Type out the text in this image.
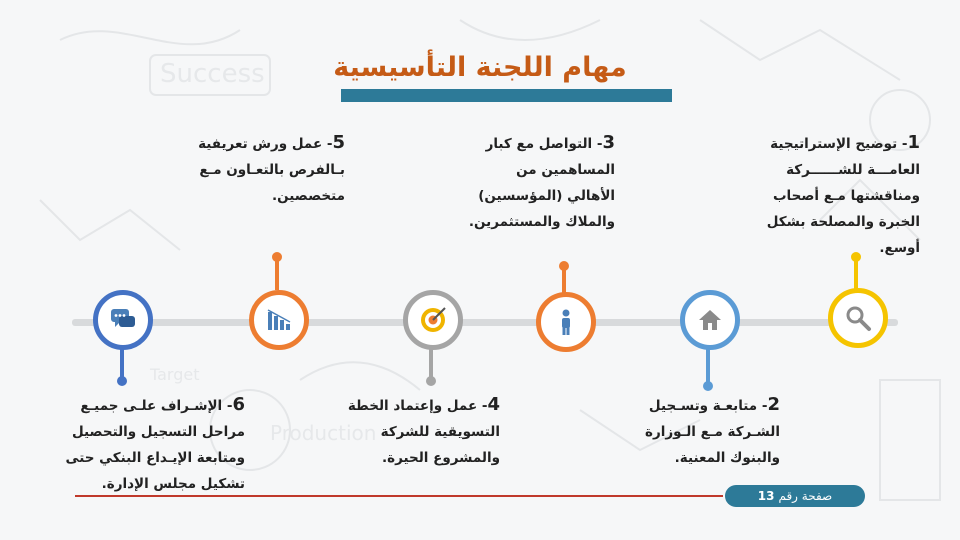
Success
Production
Target
مهام اللجنة التأسيسية
1- توضيح الإستراتيجية العامـــة للشــــــركة ومناقشتها مـع أصحاب الخبرة والمصلحة بشكل أوسع.
2- متابعـة وتسـجيل الشـركة مـع الـوزارة والبنوك المعنية.
3- التواصل مع كبار المساهمين من الأهالي (المؤسسين) والملاك والمستثمرين.
4- عمل وإعتماد الخطة التسويقية للشركة والمشروع الحيرة.
5- عمل ورش تعريفية بـالفرص بالتعـاون مـع متخصصين.
6- الإشـراف علـى جميـع مراحل التسجيل والتحصيل ومتابعة الإيـداع البنكي حتى تشكيل مجلس الإدارة.
صفحة رقم13
